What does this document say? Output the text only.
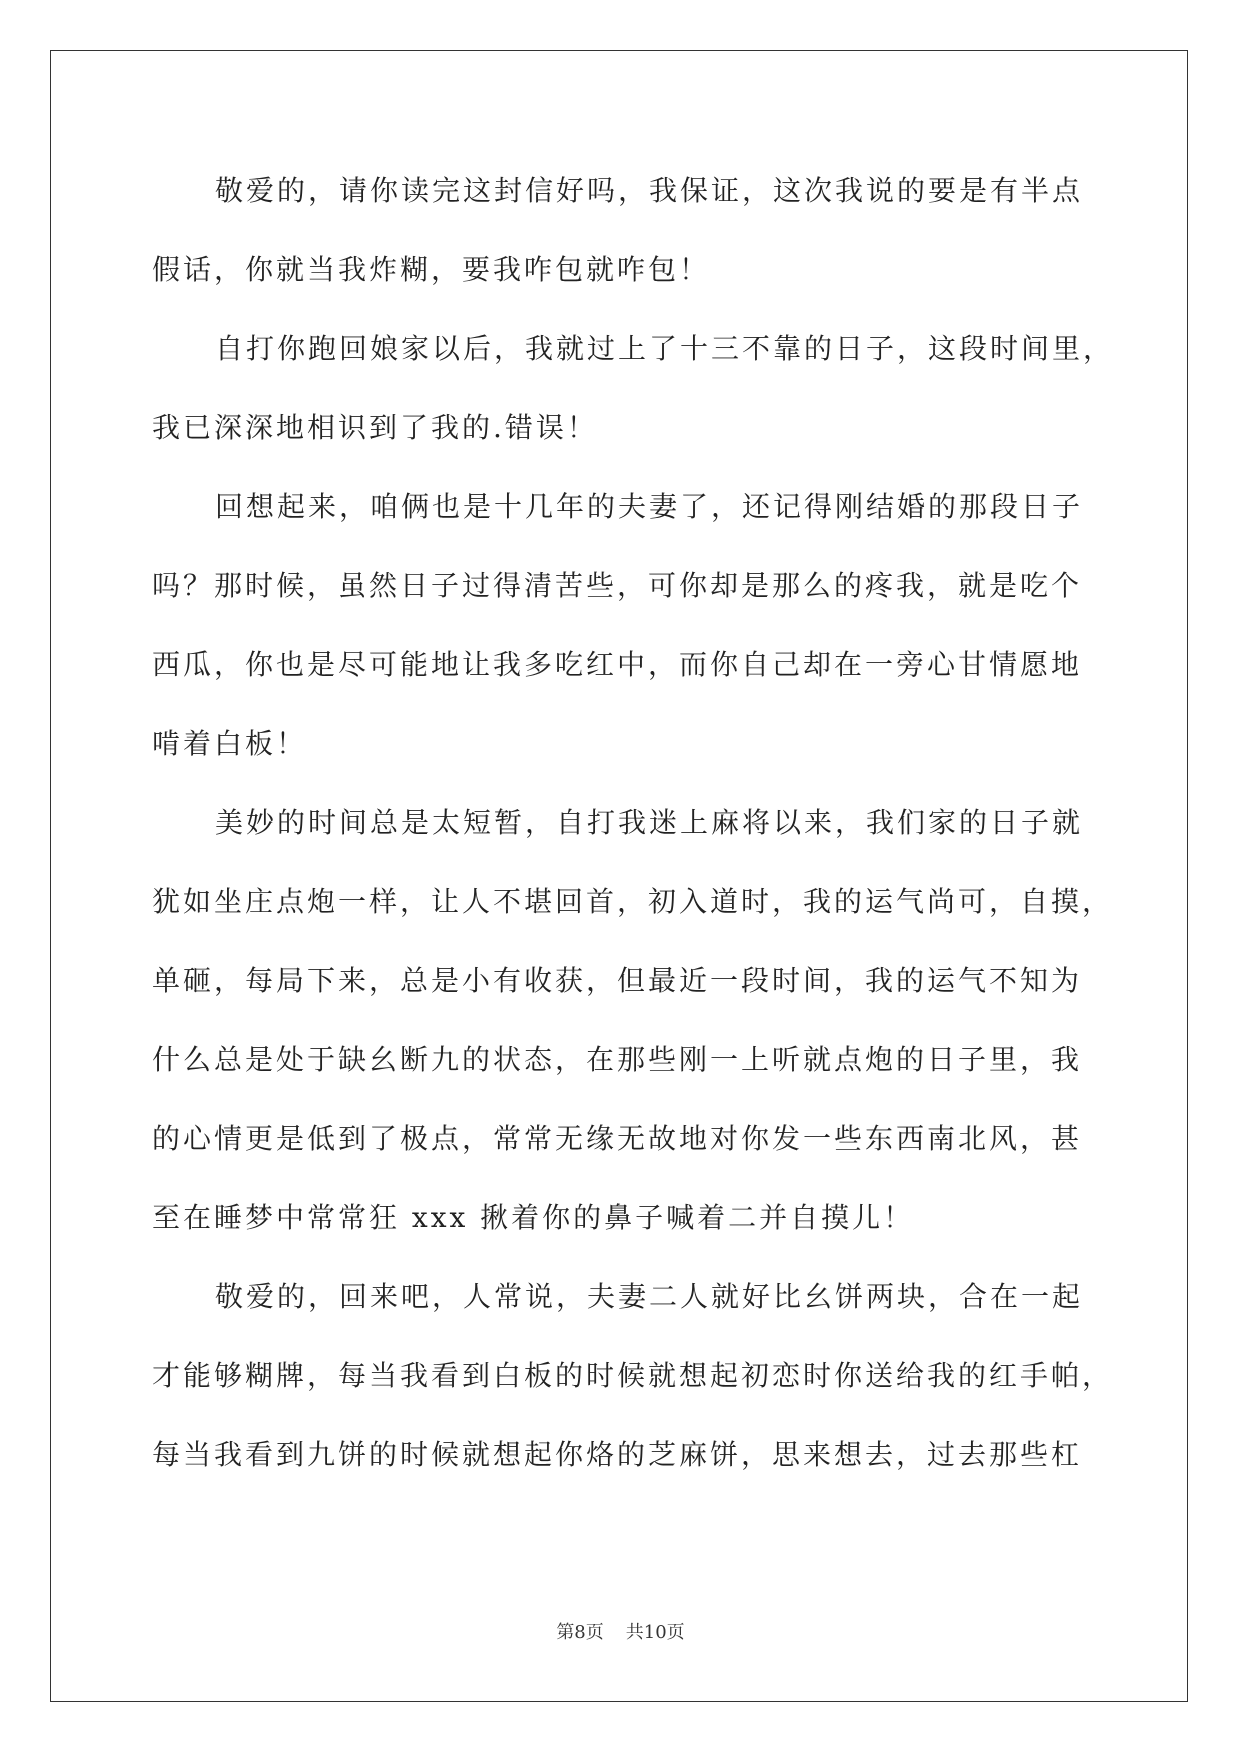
敬爱的，请你读完这封信好吗，我保证，这次我说的要是有半点
假话，你就当我炸糊，要我咋包就咋包！
自打你跑回娘家以后，我就过上了十三不靠的日子，这段时间里，
我已深深地相识到了我的.错误！
回想起来，咱俩也是十几年的夫妻了，还记得刚结婚的那段日子
吗？那时候，虽然日子过得清苦些，可你却是那么的疼我，就是吃个
西瓜，你也是尽可能地让我多吃红中，而你自己却在一旁心甘情愿地
啃着白板！
美妙的时间总是太短暂，自打我迷上麻将以来，我们家的日子就
犹如坐庄点炮一样，让人不堪回首，初入道时，我的运气尚可，自摸，
单砸，每局下来，总是小有收获，但最近一段时间，我的运气不知为
什么总是处于缺幺断九的状态，在那些刚一上听就点炮的日子里，我
的心情更是低到了极点，常常无缘无故地对你发一些东西南北风，甚
至在睡梦中常常狂 xxx 揪着你的鼻子喊着二并自摸儿！
敬爱的，回来吧，人常说，夫妻二人就好比幺饼两块，合在一起
才能够糊牌，每当我看到白板的时候就想起初恋时你送给我的红手帕，
每当我看到九饼的时候就想起你烙的芝麻饼，思来想去，过去那些杠
第8页 共10页
